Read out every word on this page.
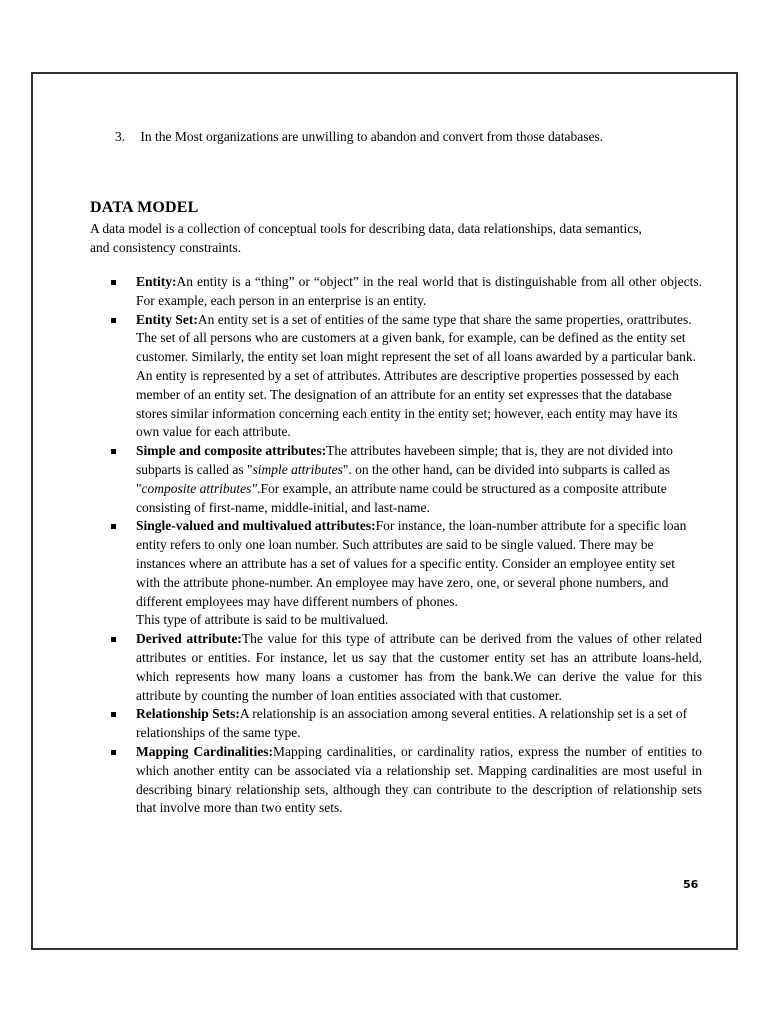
3. In the Most organizations are unwilling to abandon and convert from those databases.
DATA MODEL
A data model is a collection of conceptual tools for describing data, data relationships, data semantics, and consistency constraints.
Entity:An entity is a “thing” or “object” in the real world that is distinguishable from all other objects. For example, each person in an enterprise is an entity.
Entity Set:An entity set is a set of entities of the same type that share the same properties, orattributes. The set of all persons who are customers at a given bank, for example, can be defined as the entity set customer. Similarly, the entity set loan might represent the set of all loans awarded by a particular bank.
An entity is represented by a set of attributes. Attributes are descriptive properties possessed by each member of an entity set. The designation of an attribute for an entity set expresses that the database stores similar information concerning each entity in the entity set; however, each entity may have its own value for each attribute.
Simple and composite attributes:The attributes havebeen simple; that is, they are not divided into subparts is called as "simple attributes". on the other hand, can be divided into subparts is called as "composite attributes".For example, an attribute name could be structured as a composite attribute consisting of first-name, middle-initial, and last-name.
Single-valued and multivalued attributes:For instance, the loan-number attribute for a specific loan entity refers to only one loan number. Such attributes are said to be single valued. There may be instances where an attribute has a set of values for a specific entity. Consider an employee entity set with the attribute phone-number. An employee may have zero, one, or several phone numbers, and different employees may have different numbers of phones.
This type of attribute is said to be multivalued.
Derived attribute:The value for this type of attribute can be derived from the values of other related attributes or entities. For instance, let us say that the customer entity set has an attribute loans-held, which represents how many loans a customer has from the bank.We can derive the value for this attribute by counting the number of loan entities associated with that customer.
Relationship Sets:A relationship is an association among several entities. A relationship set is a set of relationships of the same type.
Mapping Cardinalities:Mapping cardinalities, or cardinality ratios, express the number of entities to which another entity can be associated via a relationship set. Mapping cardinalities are most useful in describing binary relationship sets, although they can contribute to the description of relationship sets that involve more than two entity sets.
56
